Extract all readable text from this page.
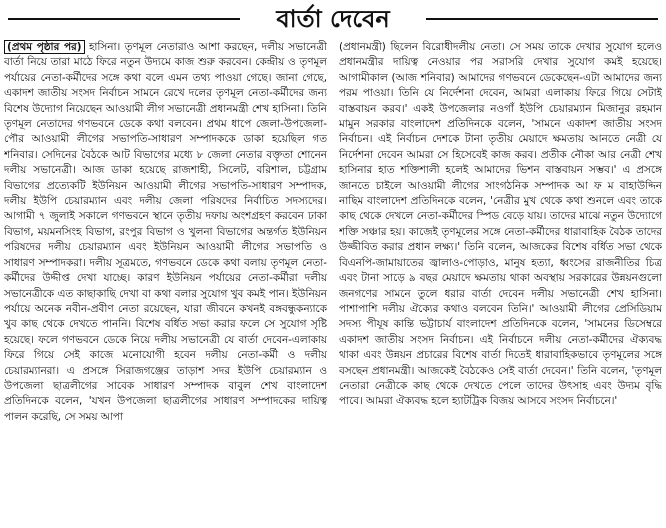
বার্তা দেবেন

(প্রথম পৃষ্ঠার পর) হাসিনা। তৃণমূল নেতারাও আশা করছেন, দলীয় সভানেত্রী বার্তা নিয়ে তারা মাঠে ফিরে নতুন উদ্যমে কাজ শুরু করবেন। কেন্দ্রীয় ও তৃণমূল পর্যায়ের নেতা-কর্মীদের সঙ্গে কথা বলে এমন তথ্য পাওয়া গেছে। জানা গেছে, একাদশ জাতীয় সংসদ নির্বাচন সামনে রেখে দলের তৃণমূল নেতা-কর্মীদের জন্য বিশেষ উদ্যোগ নিয়েছেন আওয়ামী লীগ সভানেত্রী প্রধানমন্ত্রী শেখ হাসিনা। তিনি তৃণমূল নেতাদের গণভবনে ডেকে কথা বলবেন। প্রথম ধাপে জেলা-উপজেলা-পৌর আওয়ামী লীগের সভাপতি-সাধারণ সম্পাদককে ডাকা হয়েছিল গত শনিবার। সেদিনের বৈঠকে আট বিভাগের মধ্যে ৮ জেলা নেতার বক্তৃতা শোনেন দলীয় সভানেত্রী। আজ ডাকা হয়েছে রাজশাহী, সিলেট, বরিশাল, চট্টগ্রাম বিভাগের প্রত্যেকটি ইউনিয়ন আওয়ামী লীগের সভাপতি-সাধারণ সম্পাদক, দলীয় ইউপি চেয়ারম্যান এবং দলীয় জেলা পরিষদের নির্বাচিত সদস্যদের। আগামী ৭ জুলাই সকালে গণভবনে স্থানে তৃতীয় দফায় অংশগ্রহণ করবেন ঢাকা বিভাগ, ময়মনসিংহ বিভাগ, রংপুর বিভাগ ও খুলনা বিভাগের অন্তর্গত ইউনিয়ন পরিষদের দলীয় চেয়ারম্যান এবং ইউনিয়ন আওয়ামী লীগের সভাপতি ও সাধারণ সম্পাদকরা। দলীয় সূত্রমতে, গণভবনে ডেকে কথা বলায় তৃণমূল নেতা-কর্মীদের উদ্দীপ্ত দেখা যাচ্ছে। কারণ ইউনিয়ন পর্যায়ের নেতা-কর্মীরা দলীয় সভানেত্রীকে এত কাছাকাছি দেখা বা কথা বলার সুযোগ খুব কমই পান। ইউনিয়ন পর্যায়ে অনেক নবীন-প্রবীণ নেতা রয়েছেন, যারা জীবনে কখনই বঙ্গবন্ধুকন্যাকে খুব কাছ থেকে দেখতে পাননি। বিশেষ বর্ধিত সভা করার ফলে সে সুযোগ সৃষ্টি হয়েছে। ফলে গণভবনে ডেকে নিয়ে দলীয় সভানেত্রী যে বার্তা দেবেন-এলাকায় ফিরে গিয়ে সেই কাজে মনোযোগী হবেন দলীয় নেতা-কর্মী ও দলীয় চেয়ারম্যানরা। এ প্রসঙ্গে সিরাজগঞ্জের তাড়াশ সদর ইউপি চেয়ারম্যান ও উপজেলা ছাত্রলীগের সাবেক সাধারণ সম্পাদক বাবুল শেখ বাংলাদেশ প্রতিদিনকে বলেন, 'যখন উপজেলা ছাত্রলীগের সাধারণ সম্পাদকের দায়িত্ব পালন করেছি, সে সময় আপা

(প্রধানমন্ত্রী) ছিলেন বিরোধীদলীয় নেতা। সে সময় তাকে দেখার সুযোগ হলেও প্রধানমন্ত্রীর দায়িত্ব নেওয়ার পর সরাসরি দেখার সুযোগ কমই হয়েছে। আগামীকাল (আজ শনিবার) আমাদের গণভবনে ডেকেছেন-এটা আমাদের জন্য পরম পাওয়া। তিনি যে নির্দেশনা দেবেন, আমরা এলাকায় ফিরে গিয়ে সেটাই বাস্তবায়ন করব।' একই উপজেলার নওগাঁ ইউপি চেয়ারম্যান মিজানুর রহমান মামুন সরকার বাংলাদেশ প্রতিদিনকে বলেন, 'সামনে একাদশ জাতীয় সংসদ নির্বাচন। এই নির্বাচন দেশকে টানা তৃতীয় মেয়াদে ক্ষমতায় আনতে নেত্রী যে নির্দেশনা দেবেন আমরা সে হিসেবেই কাজ করব। প্রতীক নৌকা আর নেত্রী শেখ হাসিনার হাত শক্তিশালী হলেই আমাদের ভিশন বাস্তবায়ন সম্ভব।' এ প্রসঙ্গে জানতে চাইলে আওয়ামী লীগের সাংগঠনিক সম্পাদক আ ফ ম বাহাউদ্দিন নাছিম বাংলাদেশ প্রতিদিনকে বলেন, 'নেত্রীর মুখ থেকে কথা শুনলে এবং তাকে কাছ থেকে দেখলে নেতা-কর্মীদের স্পিড বেড়ে যায়। তাদের মাঝে নতুন উদ্যোগে শক্তি সঞ্চার হয়। কাজেই তৃণমূলের সঙ্গে নেতা-কর্মীদের ধারাবাহিক বৈঠক তাদের উজ্জীবিত করার প্রধান লক্ষ্য।' তিনি বলেন, আজকের বিশেষ বর্ধিত সভা থেকে বিএনপি-জামায়াতের জ্বালাও-পোড়াও, মানুষ হত্যা, ধ্বংসের রাজনীতির চিত্র এবং টানা সাড়ে ৯ বছর মেয়াদে ক্ষমতায় থাকা অবস্থায় সরকারের উন্নয়নগুলো জনগণের সামনে তুলে ধরার বার্তা দেবেন দলীয় সভানেত্রী শেখ হাসিনা। পাশাপাশি দলীয় ঐক্যের কথাও বলবেন তিনি।' আওয়ামী লীগের প্রেসিডিয়াম সদস্য পীযূষ কান্তি ভট্টাচার্য বাংলাদেশ প্রতিদিনকে বলেন, 'সামনের ডিসেম্বরে একাদশ জাতীয় সংসদ নির্বাচন। এই নির্বাচনে দলীয় নেতা-কর্মীদের ঐক্যবদ্ধ থাকা এবং উন্নয়ন প্রচারের বিশেষ বার্তা দিতেই ধারাবাহিকভাবে তৃণমূলের সঙ্গে বসছেন প্রধানমন্ত্রী। আজকেই বৈঠকেও সেই বার্তা দেবেন।' তিনি বলেন, 'তৃণমূল নেতারা নেত্রীকে কাছ থেকে দেখতে পেলে তাদের উৎসাহ এবং উদ্যম বৃদ্ধি পাবে। আমরা ঐক্যবদ্ধ হলে হ্যাটট্রিক বিজয় আসবে সংসদ নির্বাচনে।'
